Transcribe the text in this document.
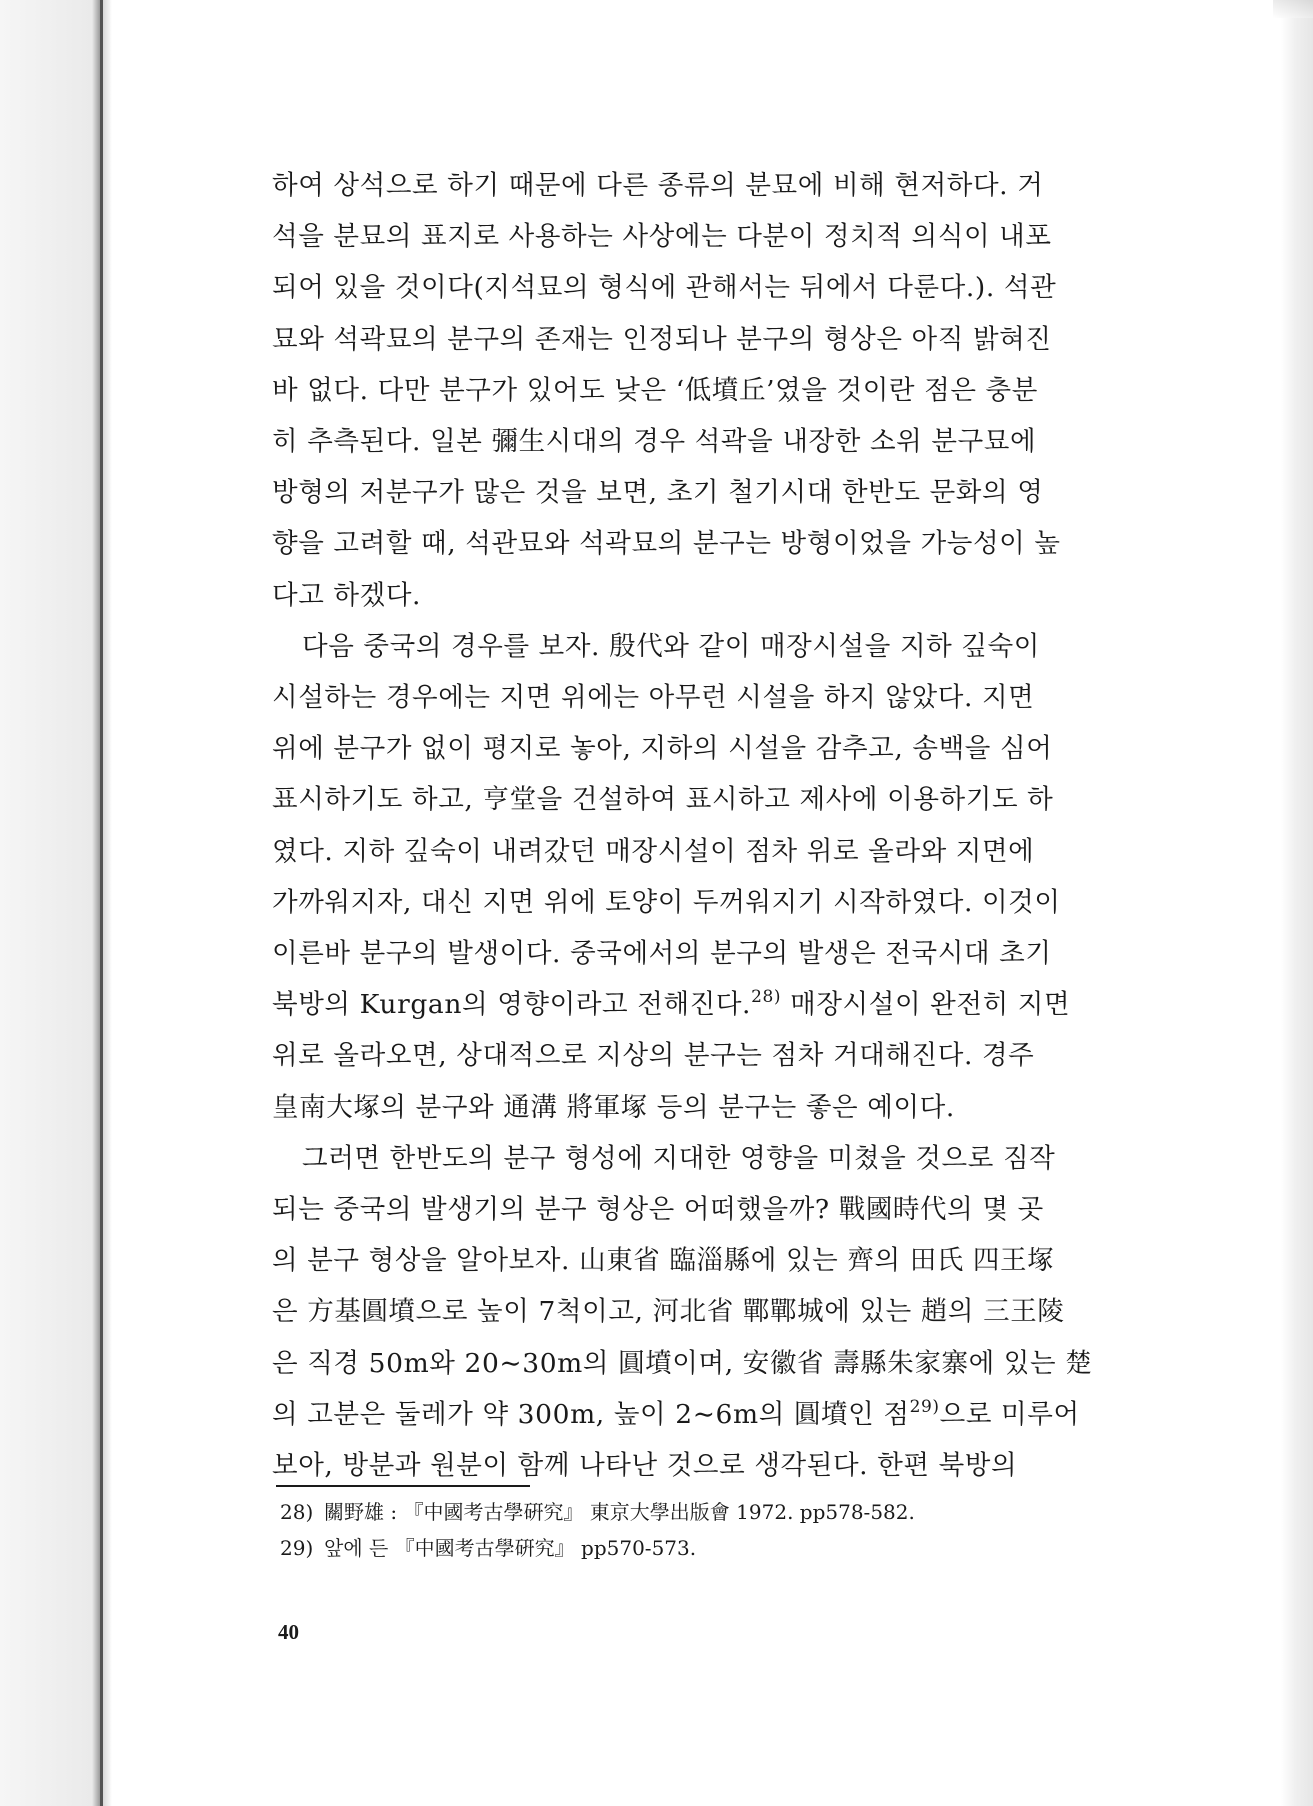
하여 상석으로 하기 때문에 다른 종류의 분묘에 비해 현저하다. 거
석을 분묘의 표지로 사용하는 사상에는 다분이 정치적 의식이 내포
되어 있을 것이다(지석묘의 형식에 관해서는 뒤에서 다룬다.). 석관
묘와 석곽묘의 분구의 존재는 인정되나 분구의 형상은 아직 밝혀진
바 없다. 다만 분구가 있어도 낮은 ‘低墳丘’였을 것이란 점은 충분
히 추측된다. 일본 彌生시대의 경우 석곽을 내장한 소위 분구묘에
방형의 저분구가 많은 것을 보면, 초기 철기시대 한반도 문화의 영
향을 고려할 때, 석관묘와 석곽묘의 분구는 방형이었을 가능성이 높
다고 하겠다.

다음 중국의 경우를 보자. 殷代와 같이 매장시설을 지하 깊숙이
시설하는 경우에는 지면 위에는 아무런 시설을 하지 않았다. 지면
위에 분구가 없이 평지로 놓아, 지하의 시설을 감추고, 송백을 심어
표시하기도 하고, 亨堂을 건설하여 표시하고 제사에 이용하기도 하
였다. 지하 깊숙이 내려갔던 매장시설이 점차 위로 올라와 지면에
가까워지자, 대신 지면 위에 토양이 두꺼워지기 시작하였다. 이것이
이른바 분구의 발생이다. 중국에서의 분구의 발생은 전국시대 초기
북방의 Kurgan의 영향이라고 전해진다.$^{28)}$ 매장시설이 완전히 지면
위로 올라오면, 상대적으로 지상의 분구는 점차 거대해진다. 경주
皇南大塚의 분구와 通溝 將軍塚 등의 분구는 좋은 예이다.

그러면 한반도의 분구 형성에 지대한 영향을 미쳤을 것으로 짐작
되는 중국의 발생기의 분구 형상은 어떠했을까? 戰國時代의 몇 곳
의 분구 형상을 알아보자. 山東省 臨淄縣에 있는 齊의 田氏 四王塚
은 方基圓墳으로 높이 7척이고, 河北省 鄲鄲城에 있는 趙의 三王陵
은 직경 50m와 20∼30m의 圓墳이며, 安徽省 壽縣朱家寨에 있는 楚
의 고분은 둘레가 약 300m, 높이 2∼6m의 圓墳인 점$^{29)}$으로 미루어
보아, 방분과 원분이 함께 나타난 것으로 생각된다. 한편 북방의

28) 關野雄 : 『中國考古學硏究』 東京大學出版會 1972. pp578-582.

29) 앞에 든 『中國考古學硏究』 pp570-573.

40
